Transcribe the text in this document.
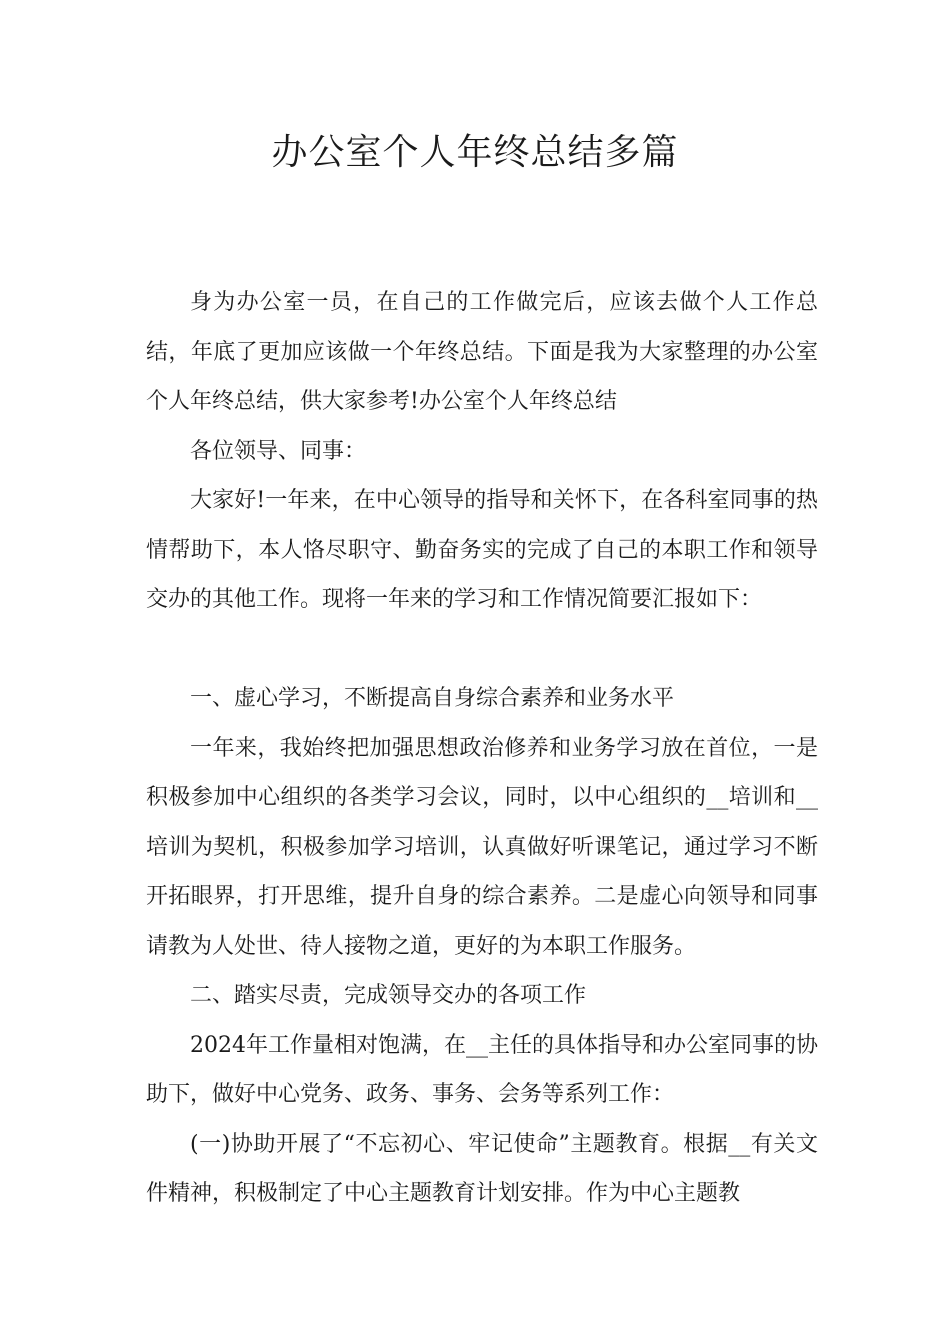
办公室个人年终总结多篇

身为办公室一员，在自己的工作做完后，应该去做个人工作总结，年底了更加应该做一个年终总结。下面是我为大家整理的办公室个人年终总结，供大家参考!办公室个人年终总结

各位领导、同事：

大家好!一年来，在中心领导的指导和关怀下，在各科室同事的热情帮助下，本人恪尽职守、勤奋务实的完成了自己的本职工作和领导交办的其他工作。现将一年来的学习和工作情况简要汇报如下：

一、虚心学习，不断提高自身综合素养和业务水平

一年来，我始终把加强思想政治修养和业务学习放在首位，一是积极参加中心组织的各类学习会议，同时，以中心组织的__培训和__培训为契机，积极参加学习培训，认真做好听课笔记，通过学习不断开拓眼界，打开思维，提升自身的综合素养。二是虚心向领导和同事请教为人处世、待人接物之道，更好的为本职工作服务。

二、踏实尽责，完成领导交办的各项工作

2024年工作量相对饱满，在__主任的具体指导和办公室同事的协助下，做好中心党务、政务、事务、会务等系列工作：

(一)协助开展了“不忘初心、牢记使命”主题教育。根据__有关文件精神，积极制定了中心主题教育计划安排。作为中心主题教
